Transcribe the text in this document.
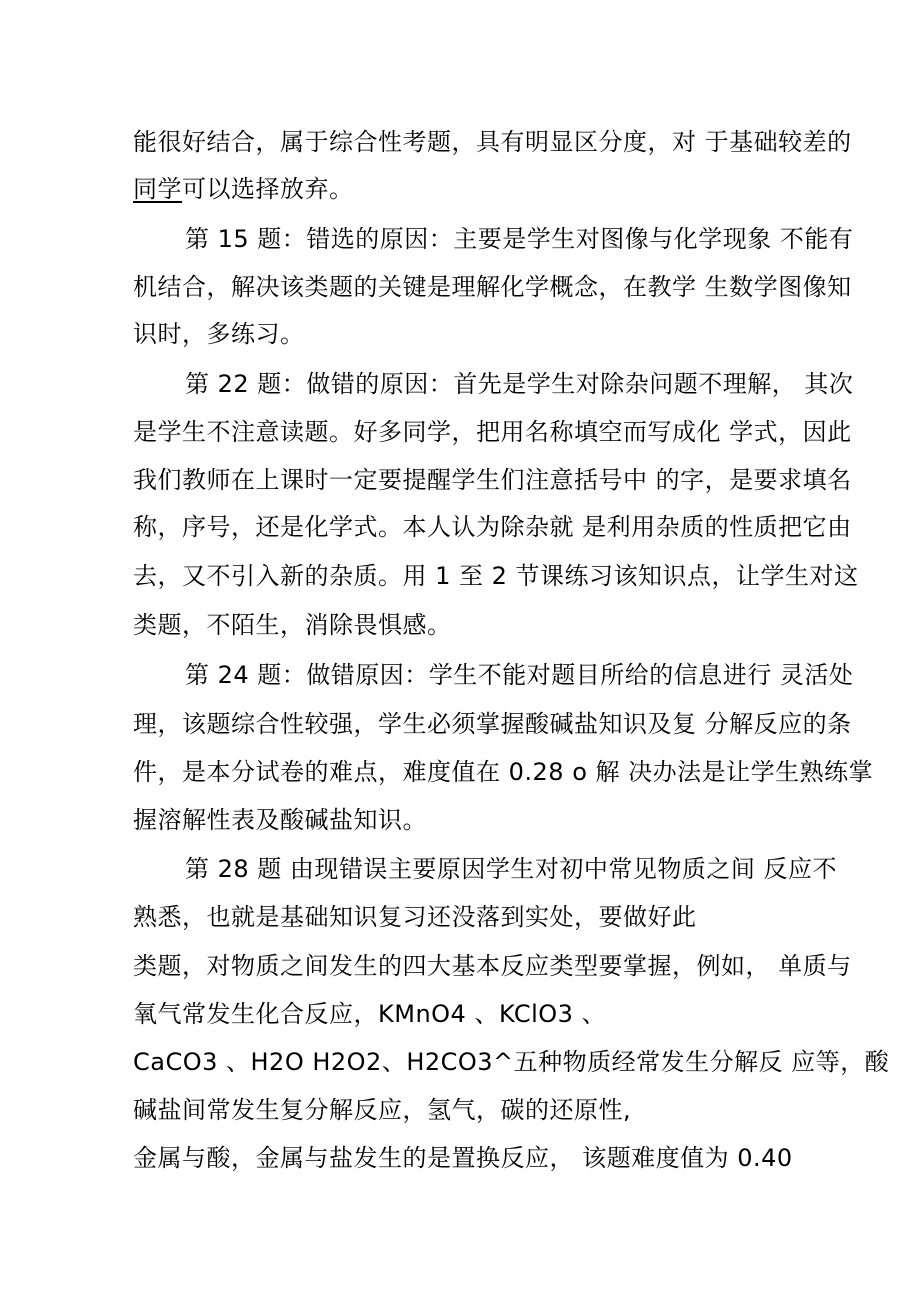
能很好结合，属于综合性考题，具有明显区分度，对 于基础较差的
同学可以选择放弃。
第 15 题：错选的原因：主要是学生对图像与化学现象 不能有
机结合，解决该类题的关键是理解化学概念，在教学 生数学图像知
识时，多练习。
第 22 题：做错的原因：首先是学生对除杂问题不理解， 其次
是学生不注意读题。好多同学，把用名称填空而写成化 学式，因此
我们教师在上课时一定要提醒学生们注意括号中 的字，是要求填名
称，序号，还是化学式。本人认为除杂就 是利用杂质的性质把它由
去，又不引入新的杂质。用 1 至 2 节课练习该知识点，让学生对这
类题，不陌生，消除畏惧感。
第 24 题：做错原因：学生不能对题目所给的信息进行 灵活处
理，该题综合性较强，学生必须掌握酸碱盐知识及复 分解反应的条
件，是本分试卷的难点，难度值在 0.28 o 解 决办法是让学生熟练掌
握溶解性表及酸碱盐知识。
第 28 题 由现错误主要原因学生对初中常见物质之间 反应不
熟悉，也就是基础知识复习还没落到实处，要做好此
类题，对物质之间发生的四大基本反应类型要掌握，例如， 单质与
氧气常发生化合反应，KMnO4 、KClO3 、
CaCO3 、H2O H2O2、H2CO3^五种物质经常发生分解反 应等，酸
碱盐间常发生复分解反应，氢气，碳的还原性,
金属与酸，金属与盐发生的是置换反应， 该题难度值为 0.40
